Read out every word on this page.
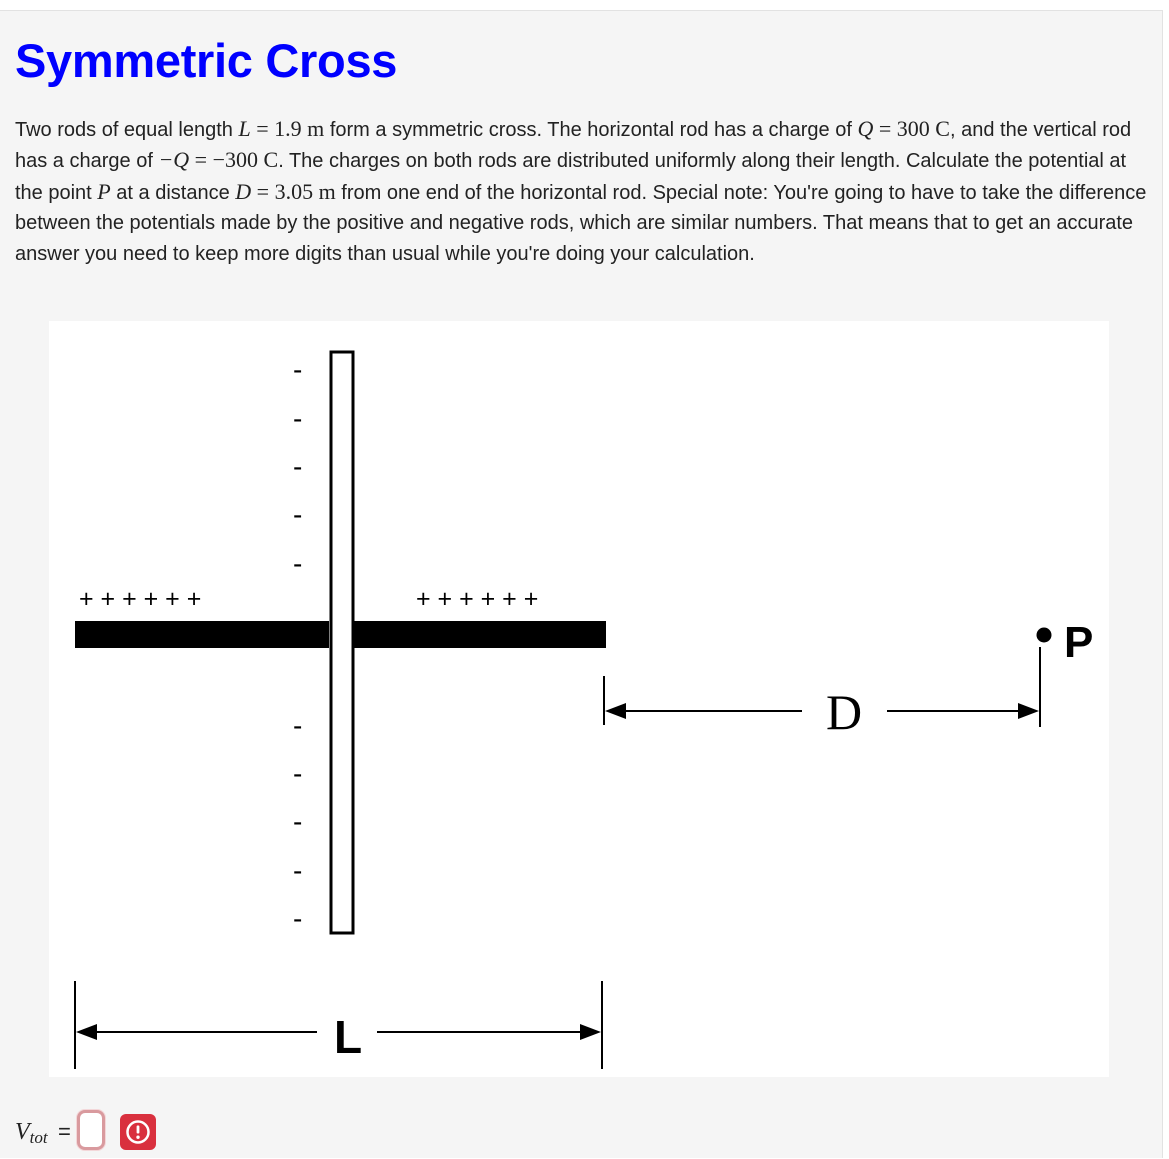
Symmetric Cross

Two rods of equal length L = 1.9 m form a symmetric cross. The horizontal rod has a charge of Q = 300 C, and the vertical rod has a charge of −Q = −300 C. The charges on both rods are distributed uniformly along their length. Calculate the potential at the point P at a distance D = 3.05 m from one end of the horizontal rod. Special note: You're going to have to take the difference between the potentials made by the positive and negative rods, which are similar numbers. That means that to get an accurate answer you need to keep more digits than usual while you're doing your calculation.

+ + + + + +	+ + + + + +
-
-
-
-
-
-
-
-
-
-
P
D
L
$V_{tot}$ =
